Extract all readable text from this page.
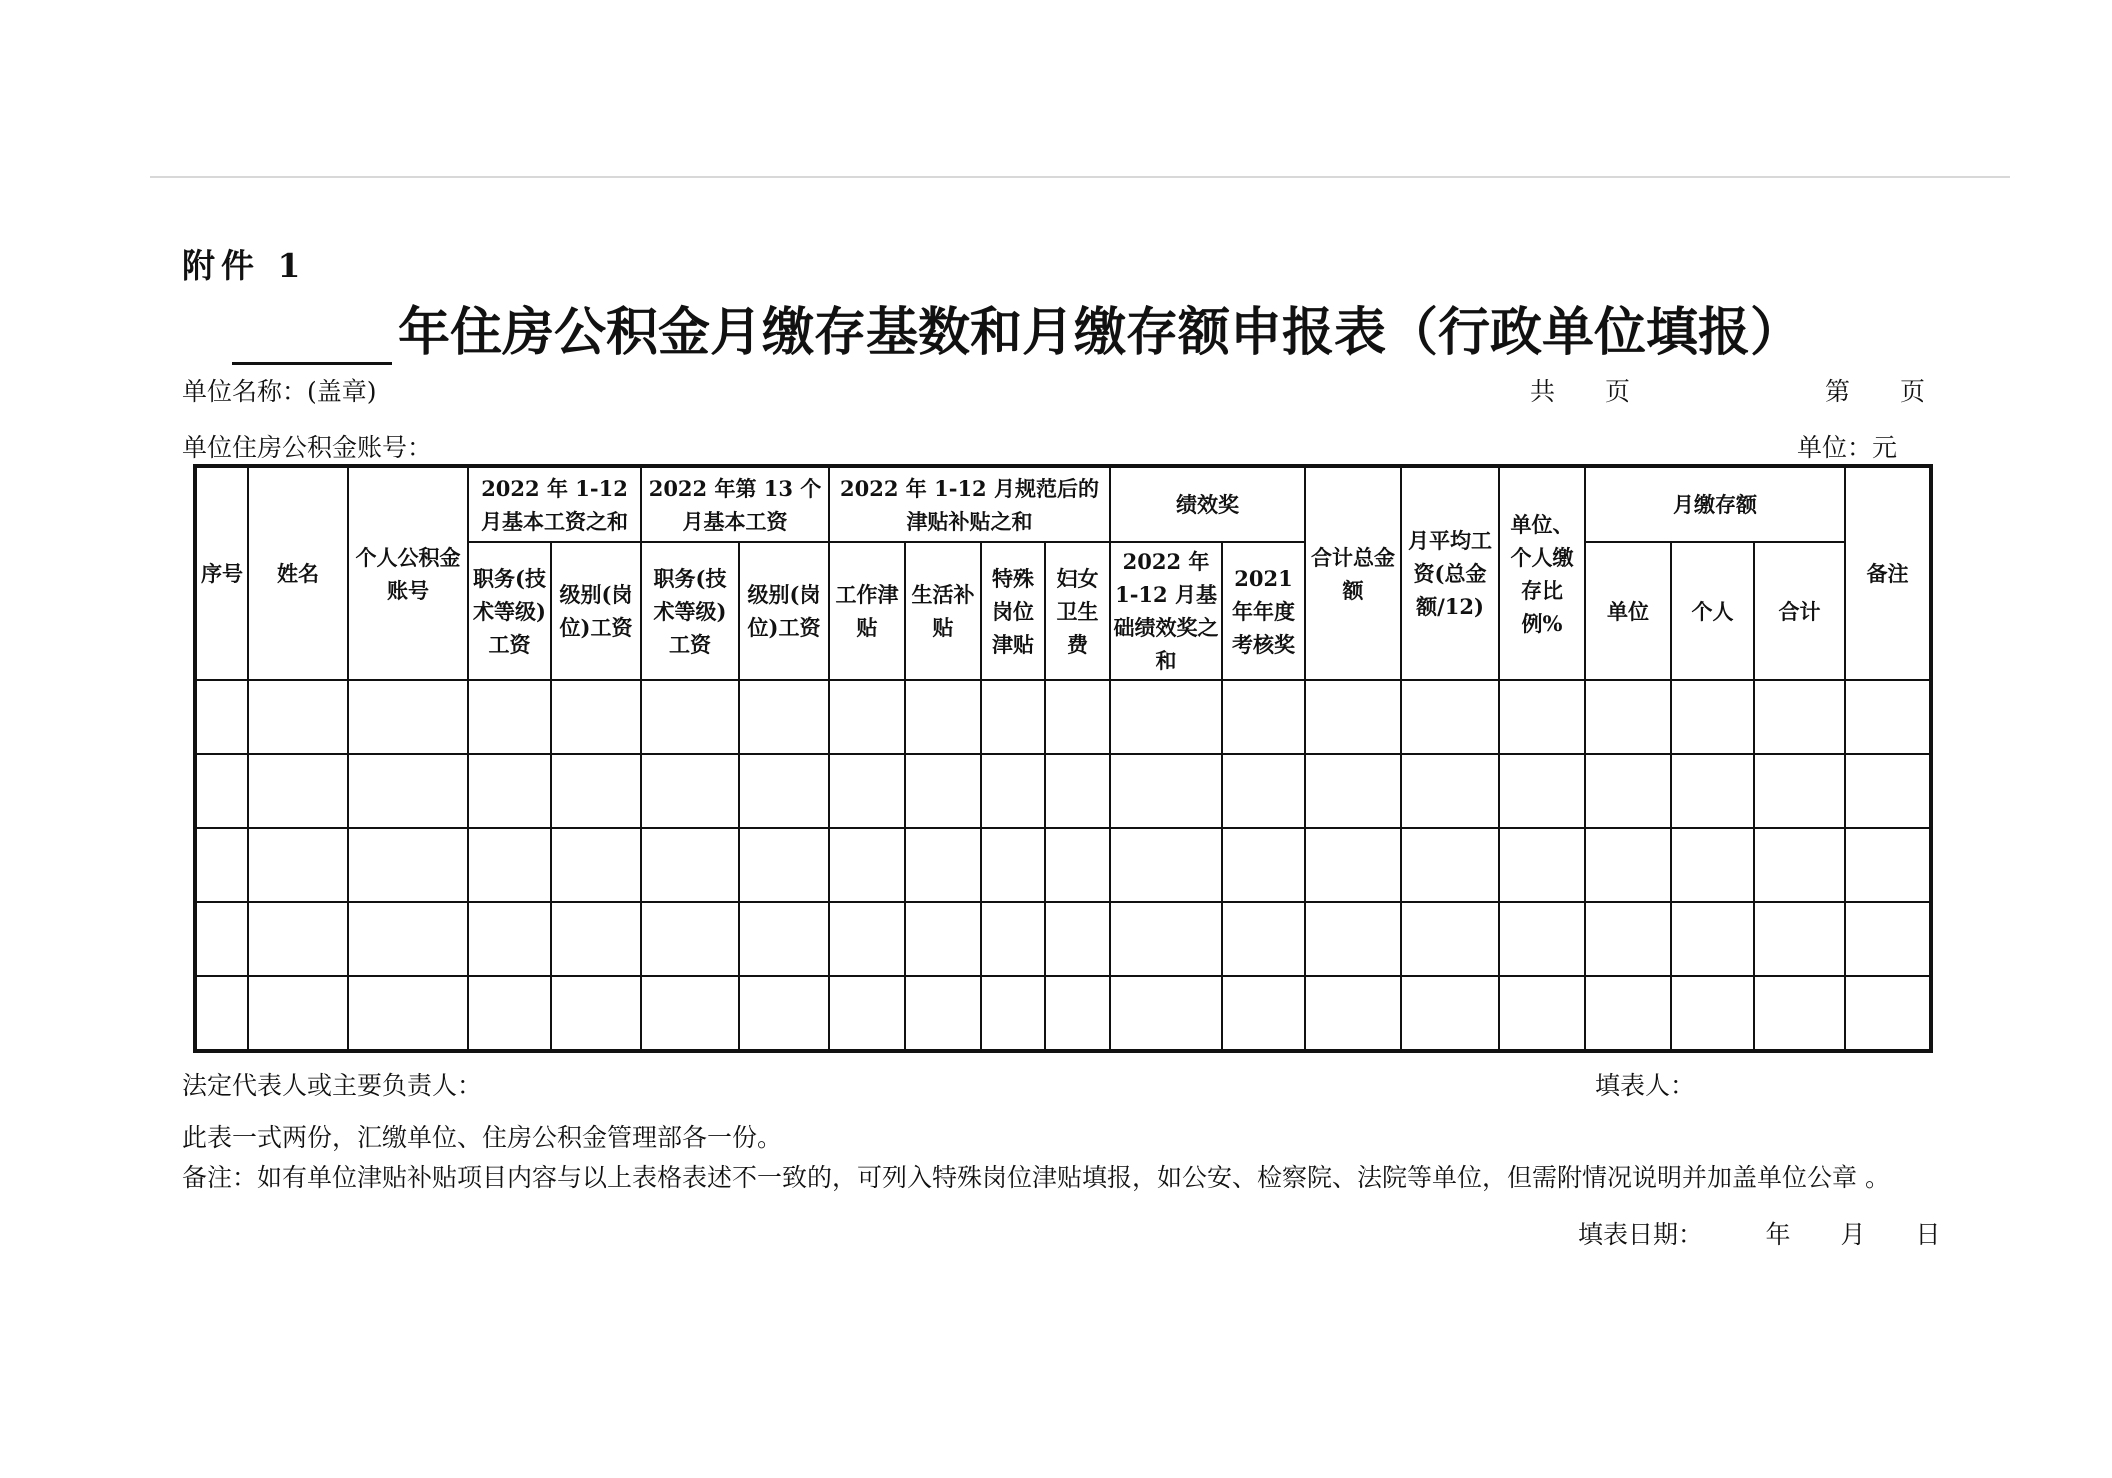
附件 1
年住房公积金月缴存基数和月缴存额申报表（行政单位填报）
单位名称：(盖章)	共　　页	第　　页
单位住房公积金账号：	单位：元
序号	姓名	个人公积金账号	2022 年 1-12 月基本工资之和		2022 年第 13 个月基本工资		2022 年 1-12 月规范后的津贴补贴之和				绩效奖		合计总金额	月平均工资(总金额/12)	单位、个人缴存比例%	月缴存额			备注
			职务(技术等级)工资	级别(岗位)工资	职务(技术等级)工资	级别(岗位)工资	工作津贴	生活补贴	特殊岗位津贴	妇女卫生费	2022 年 1-12 月基础绩效奖之和	2021 年年度考核奖				单位	个人	合计	

法定代表人或主要负责人：	填表人：
此表一式两份，汇缴单位、住房公积金管理部各一份。
备注：如有单位津贴补贴项目内容与以上表格表述不一致的，可列入特殊岗位津贴填报，如公安、检察院、法院等单位，但需附情况说明并加盖单位公章 。
填表日期：　　　年　　月　　日
